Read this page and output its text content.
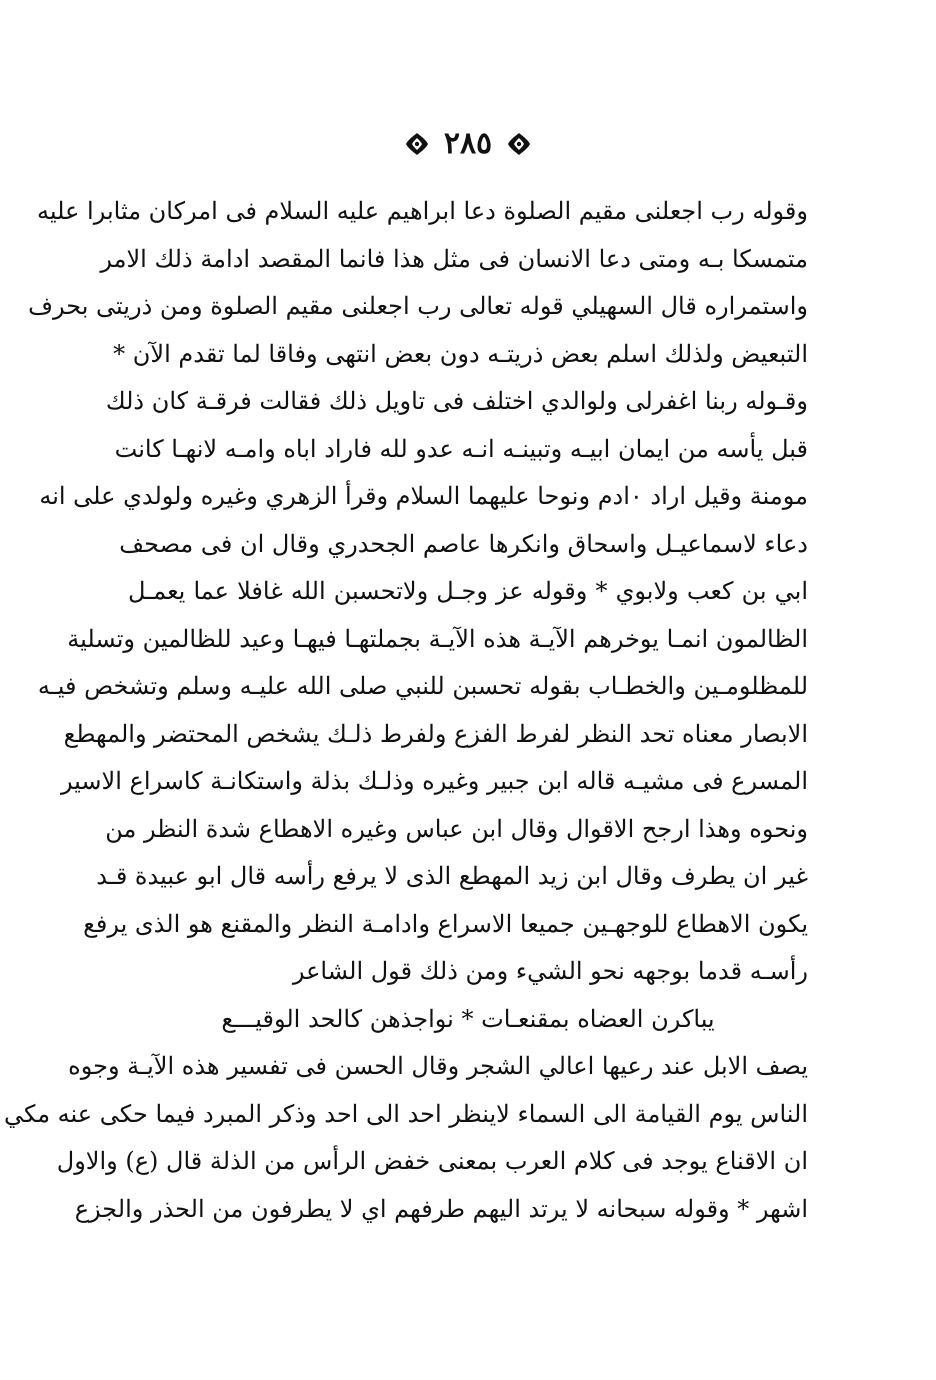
٢٨٥
وقوله رب اجعلنى مقيم الصلوة دعا ابراهيم عليه السلام فى امركان مثابرا عليه
متمسكا بـه ومتى دعا الانسان فى مثل هذا فانما المقصد ادامة ذلك الامر
واستمراره قال السهيلي قوله تعالى رب اجعلنى مقيم الصلوة ومن ذريتى بحرف
التبعيض ولذلك اسلم بعض ذريتـه دون بعض انتهى وفاقا لما تقدم الآن *
وقـوله ربنا اغفرلى ولوالدي اختلف فى تاويل ذلك فقالت فرقـة كان ذلك
قبل يأسه من ايمان ابيـه وتبينـه انـه عدو لله فاراد اباه وامـه لانهـا كانت
مومنة وقيل اراد ٠ادم ونوحا عليهما السلام وقرأ الزهري وغيره ولولدي على انه
دعاء لاسماعيـل واسحاق وانكرها عاصم الجحدري وقال ان فى مصحف
ابي بن كعب ولابوي * وقوله عز وجـل ولاتحسبن الله غافلا عما يعمـل
الظالمون انمـا يوخرهم الآيـة هذه الآيـة بجملتهـا فيهـا وعيد للظالمين وتسلية
للمظلومـين والخطـاب بقوله تحسبن للنبي صلى الله عليـه وسلم وتشخص فيـه
الابصار معناه تحد النظر لفرط الفزع ولفرط ذلـك يشخص المحتضر والمهطع
المسرع فى مشيـه قاله ابن جبير وغيره وذلـك بذلة واستكانـة كاسراع الاسير
ونحوه وهذا ارجح الاقوال وقال ابن عباس وغيره الاهطاع شدة النظر من
غير ان يطرف وقال ابن زيد المهطع الذى لا يرفع رأسه قال ابو عبيدة قـد
يكون الاهطاع للوجهـين جميعا الاسراع وادامـة النظر والمقنع هو الذى يرفع
رأسـه قدما بوجهه نحو الشيء ومن ذلك قول الشاعر
يباكرن العضاه بمقنعـات * نواجذهن كالحد الوقيـــع
يصف الابل عند رعيها اعالي الشجر وقال الحسن فى تفسير هذه الآيـة وجوه
الناس يوم القيامة الى السماء لاينظر احد الى احد وذكر المبرد فيما حكى عنه مكي
ان الاقناع يوجد فى كلام العرب بمعنى خفض الرأس من الذلة قال (ع) والاول
اشهر * وقوله سبحانه لا يرتد اليهم طرفهم اي لا يطرفون من الحذر والجزع
